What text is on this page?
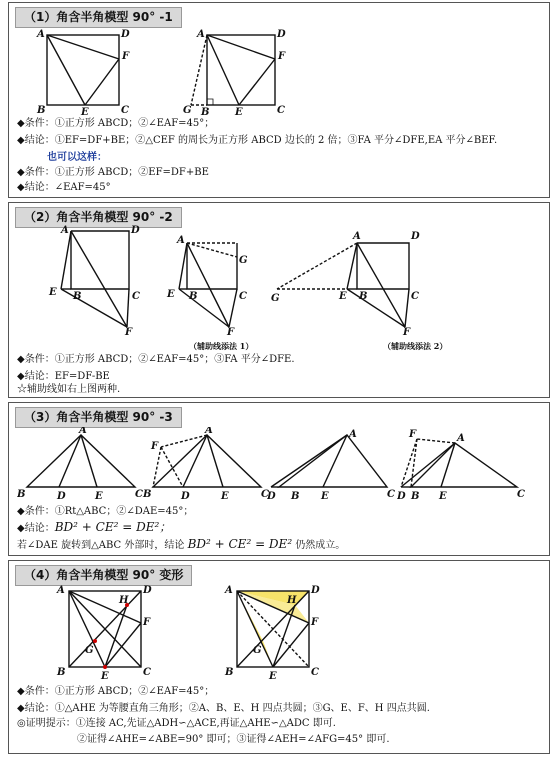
（1）角含半角模型 90° -1
A	D
F
B	E	C
A	D
F
G B	E	C
◆条件：①正方形 ABCD；②∠EAF=45°；
◆结论：①EF=DF+BE；②△CEF 的周长为正方形 ABCD 边长的 2 倍；③FA 平分∠DFE,EA 平分∠BEF.
也可以这样：
◆条件：①正方形 ABCD；②EF=DF+BE
◆结论：∠EAF=45°
（2）角含半角模型 90° -2
A	D
E B	C
F
A
G
E B	C
F
A	D
G	E B	C
F
（辅助线添法 1）	（辅助线添法 2）
◆条件：①正方形 ABCD；②∠EAF=45°；③FA 平分∠DFE.
◆结论：EF=DF-BE
☆辅助线如右上图两种.
（3）角含半角模型 90° -3
A
B	D	E	C
A
F
B	D	E	C
A
D B E	C
A
F
D B E	C
◆条件：①Rt△ABC；②∠DAE=45°；
◆结论：BD² + CE² = DE²；
若∠DAE 旋转到△ABC 外部时，结论 BD² + CE² = DE² 仍然成立。
（4）角含半角模型 90° 变形
A	D
H
F
G
B	E	C
A	D
H
F
G
B	E	C
◆条件：①正方形 ABCD；②∠EAF=45°；
◆结论：①△AHE 为等腰直角三角形；②A、B、E、H 四点共圆；③G、E、F、H 四点共圆.
◎证明提示：①连接 AC,先证△ADH∽△ACE,再证△AHE∽△ADC 即可.
②证得∠AHE=∠ABE=90° 即可；③证得∠AEH=∠AFG=45° 即可.
